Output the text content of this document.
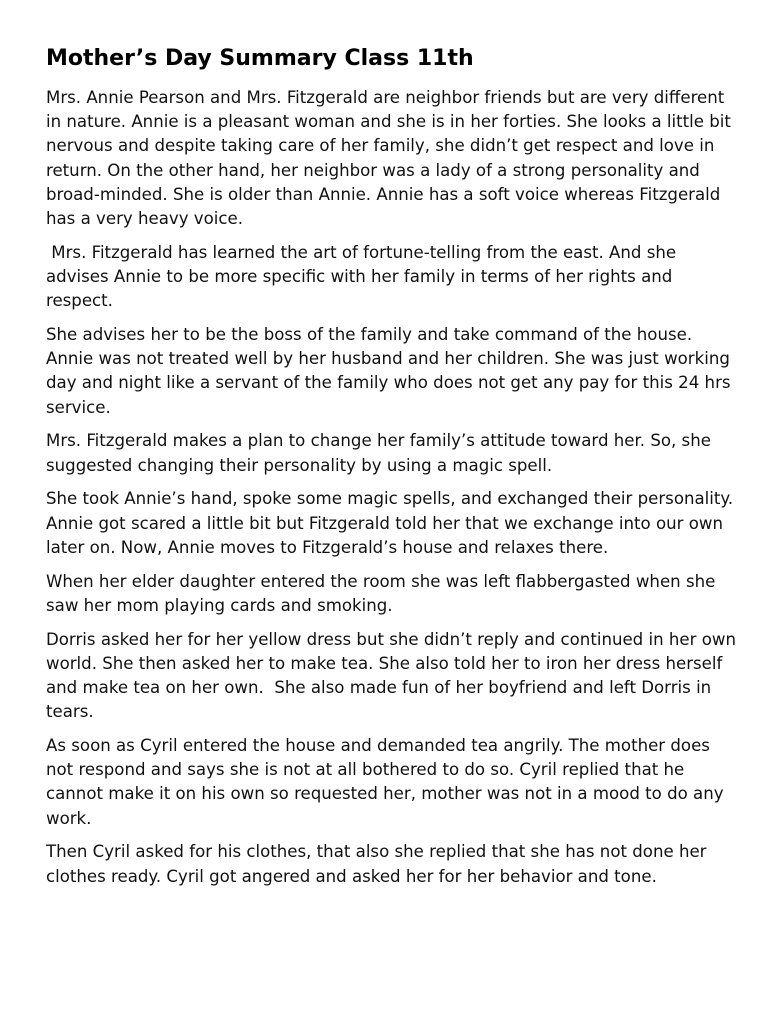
Mother’s Day Summary Class 11th

Mrs. Annie Pearson and Mrs. Fitzgerald are neighbor friends but are very different in nature. Annie is a pleasant woman and she is in her forties. She looks a little bit nervous and despite taking care of her family, she didn’t get respect and love in return. On the other hand, her neighbor was a lady of a strong personality and broad-minded. She is older than Annie. Annie has a soft voice whereas Fitzgerald has a very heavy voice.

Mrs. Fitzgerald has learned the art of fortune-telling from the east. And she advises Annie to be more specific with her family in terms of her rights and respect.

She advises her to be the boss of the family and take command of the house. Annie was not treated well by her husband and her children. She was just working day and night like a servant of the family who does not get any pay for this 24 hrs service.

Mrs. Fitzgerald makes a plan to change her family’s attitude toward her. So, she suggested changing their personality by using a magic spell.

She took Annie’s hand, spoke some magic spells, and exchanged their personality.  Annie got scared a little bit but Fitzgerald told her that we exchange into our own later on. Now, Annie moves to Fitzgerald’s house and relaxes there.

When her elder daughter entered the room she was left flabbergasted when she saw her mom playing cards and smoking.

Dorris asked her for her yellow dress but she didn’t reply and continued in her own world. She then asked her to make tea. She also told her to iron her dress herself and make tea on her own.  She also made fun of her boyfriend and left Dorris in tears.

As soon as Cyril entered the house and demanded tea angrily. The mother does not respond and says she is not at all bothered to do so. Cyril replied that he cannot make it on his own so requested her, mother was not in a mood to do any work.

Then Cyril asked for his clothes, that also she replied that she has not done her clothes ready. Cyril got angered and asked her for her behavior and tone.
